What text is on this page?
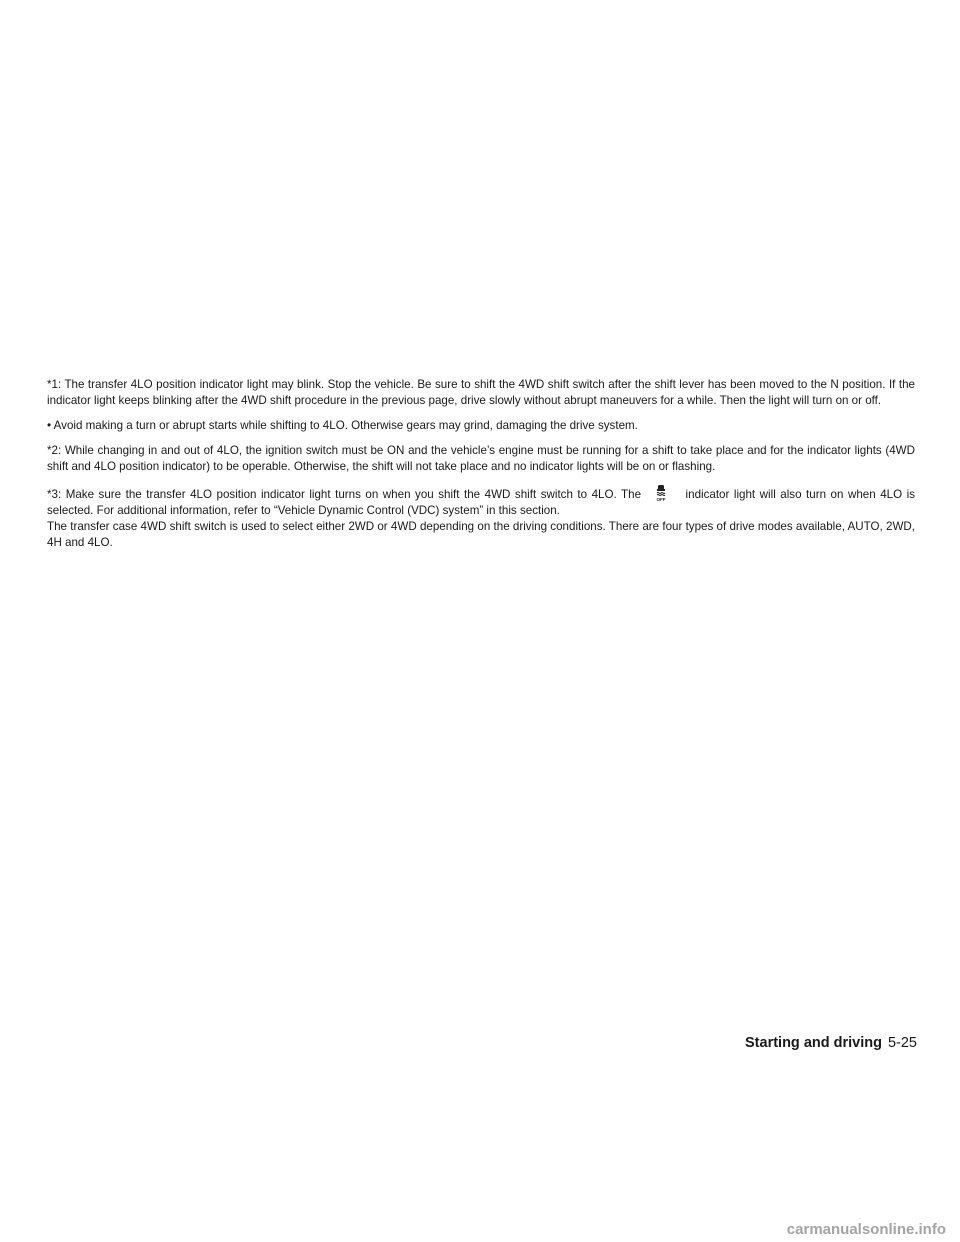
*1: The transfer 4LO position indicator light may blink. Stop the vehicle. Be sure to shift the 4WD shift switch after the shift lever has been moved to the N position. If the indicator light keeps blinking after the 4WD shift procedure in the previous page, drive slowly without abrupt maneuvers for a while. Then the light will turn on or off.

• Avoid making a turn or abrupt starts while shifting to 4LO. Otherwise gears may grind, damaging the drive system.

*2: While changing in and out of 4LO, the ignition switch must be ON and the vehicle’s engine must be running for a shift to take place and for the indicator lights (4WD shift and 4LO position indicator) to be operable. Otherwise, the shift will not take place and no indicator lights will be on or flashing.

*3: Make sure the transfer 4LO position indicator light turns on when you shift the 4WD shift switch to 4LO. The	OFF indicator light will also turn on when 4LO is selected. For additional information, refer to “Vehicle Dynamic Control (VDC) system” in this section.

The transfer case 4WD shift switch is used to select either 2WD or 4WD depending on the driving conditions. There are four types of drive modes available, AUTO, 2WD, 4H and 4LO.

Starting and driving 5-25
carmanualsonline.info
